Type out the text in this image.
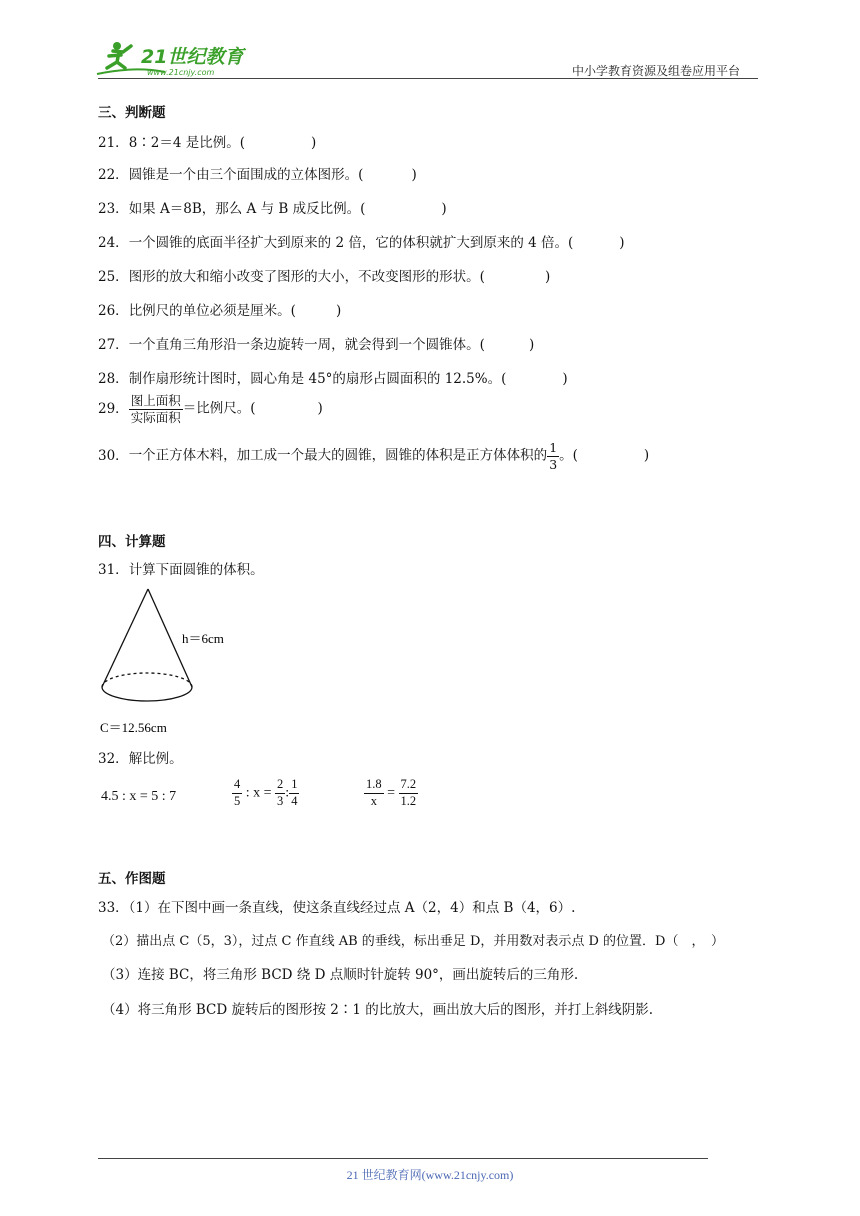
21世纪教育
www.21cnjy.com	中小学教育资源及组卷应用平台
三、判断题
21．8∶2＝4 是比例。(	)
22．圆锥是一个由三个面围成的立体图形。(	)
23．如果 A＝8B，那么 A 与 B 成反比例。(	)
24．一个圆锥的底面半径扩大到原来的 2 倍，它的体积就扩大到原来的 4 倍。(	)
25．图形的放大和缩小改变了图形的大小，不改变图形的形状。(	)
26．比例尺的单位必须是厘米。(	)
27．一个直角三角形沿一条边旋转一周，就会得到一个圆锥体。(	)
28．制作扇形统计图时，圆心角是 45°的扇形占圆面积的 12.5%。(	)
29． $\frac{\text{图上面积}}{\text{实际面积}}$ ＝比例尺。(	)
30．一个正方体木料，加工成一个最大的圆锥，圆锥的体积是正方体体积的 $\frac{1}{3}$ 。(	)
四、计算题
31．计算下面圆锥的体积。
h＝6cm
C＝12.56cm
32．解比例。
4.5 : x = 5 : 7	$\frac{4}{5}$ : $x = \frac{2}{3}$ : $\frac{1}{4}$	$\frac{1.8}{x} = \frac{7.2}{1.2}$
五、作图题
33．（1）在下图中画一条直线，使这条直线经过点 A（2，4）和点 B（4，6）.
（2）描出点 C（5，3），过点 C 作直线 AB 的垂线，标出垂足 D，并用数对表示点 D 的位置．D（　，　）
（3）连接 BC，将三角形 BCD 绕 D 点顺时针旋转 90°，画出旋转后的三角形.
（4）将三角形 BCD 旋转后的图形按 2∶1 的比放大，画出放大后的图形，并打上斜线阴影.
21 世纪教育网(www.21cnjy.com)
